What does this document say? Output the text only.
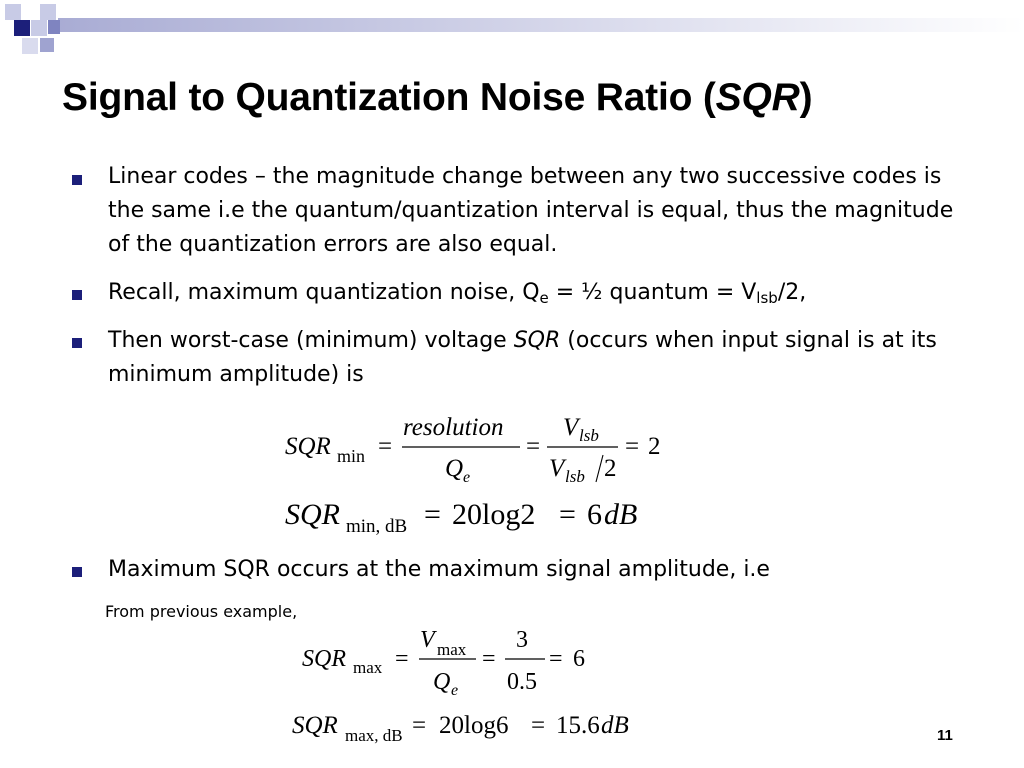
Signal to Quantization Noise Ratio (SQR)

Linear codes – the magnitude change between any two successive codes is the same i.e the quantum/quantization interval is equal, thus the magnitude of the quantization errors are also equal.

Recall, maximum quantization noise, $Q_e$ = ½ quantum = $V_{lsb}/2$,

Then worst-case (minimum) voltage SQR (occurs when input signal is at its minimum amplitude) is

SQR min =
resolution
Q e
=
V lsb
V lsb 2
= 2
SQR min, dB = 20log2 = 6 dB
SQR max =
V max
Q e
=
3
0.5
= 6
SQR max, dB = 20log6 = 15.6 dB

Maximum SQR occurs at the maximum signal amplitude, i.e

From previous example,

11
